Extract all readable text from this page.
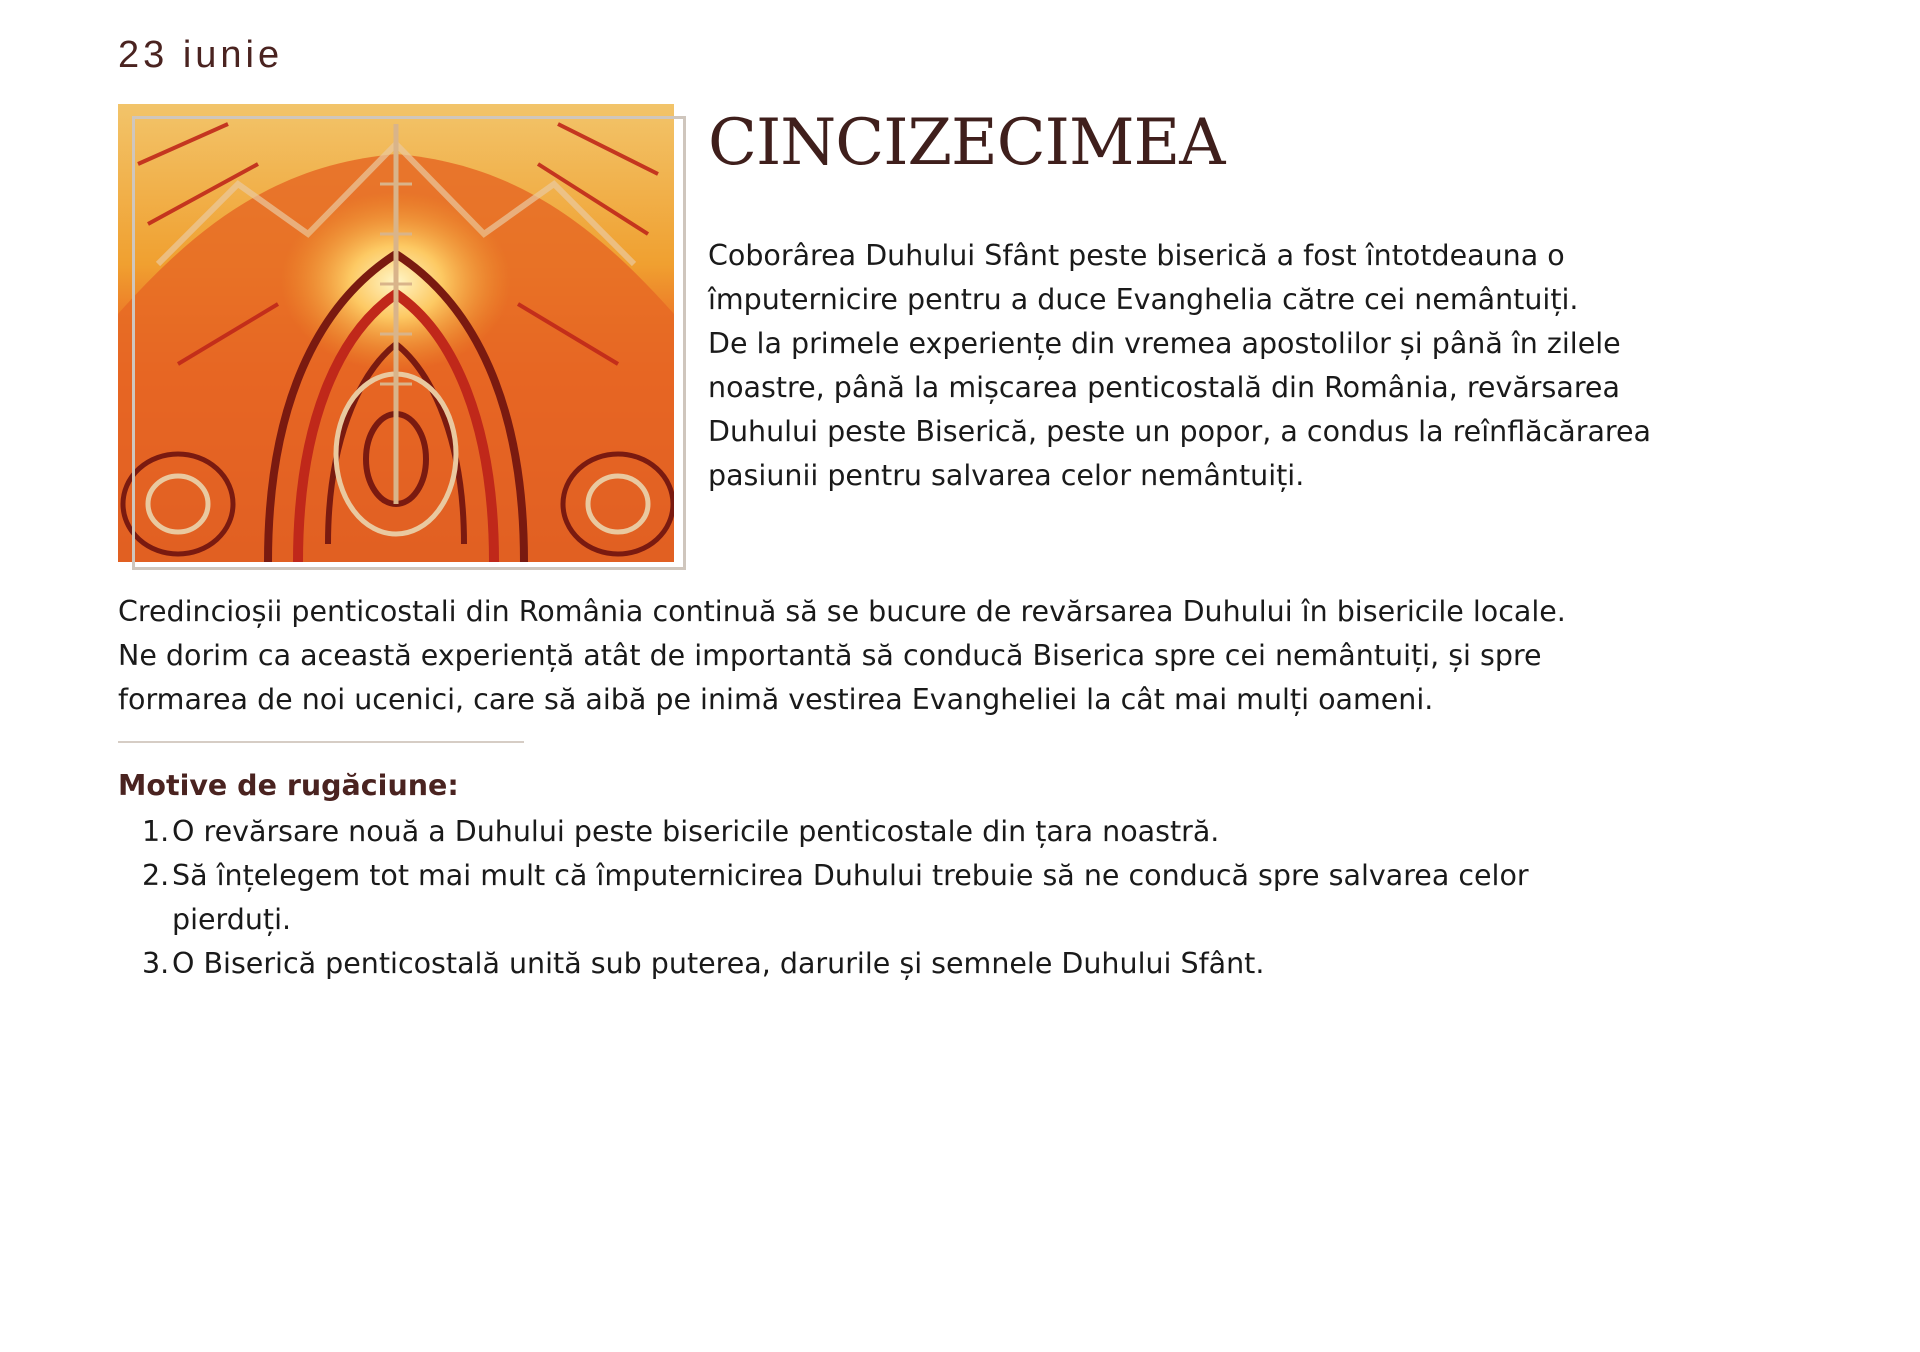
23 iunie
CINCIZECIMEA

Coborârea Duhului Sfânt peste biserică a fost întotdeauna o
împuternicire pentru a duce Evanghelia către cei nemântuiți.
De la primele experiențe din vremea apostolilor și până în zilele
noastre, până la mișcarea penticostală din România, revărsarea
Duhului peste Biserică, peste un popor, a condus la reînflăcărarea
pasiunii pentru salvarea celor nemântuiți.

Credincioșii penticostali din România continuă să se bucure de revărsarea Duhului în bisericile locale.
Ne dorim ca această experiență atât de importantă să conducă Biserica spre cei nemântuiți, și spre
formarea de noi ucenici, care să aibă pe inimă vestirea Evangheliei la cât mai mulți oameni.

Motive de rugăciune:
1. O revărsare nouă a Duhului peste bisericile penticostale din țara noastră.
2. Să înțelegem tot mai mult că împuternicirea Duhului trebuie să ne conducă spre salvarea celor
pierduți.
3. O Biserică penticostală unită sub puterea, darurile și semnele Duhului Sfânt.
